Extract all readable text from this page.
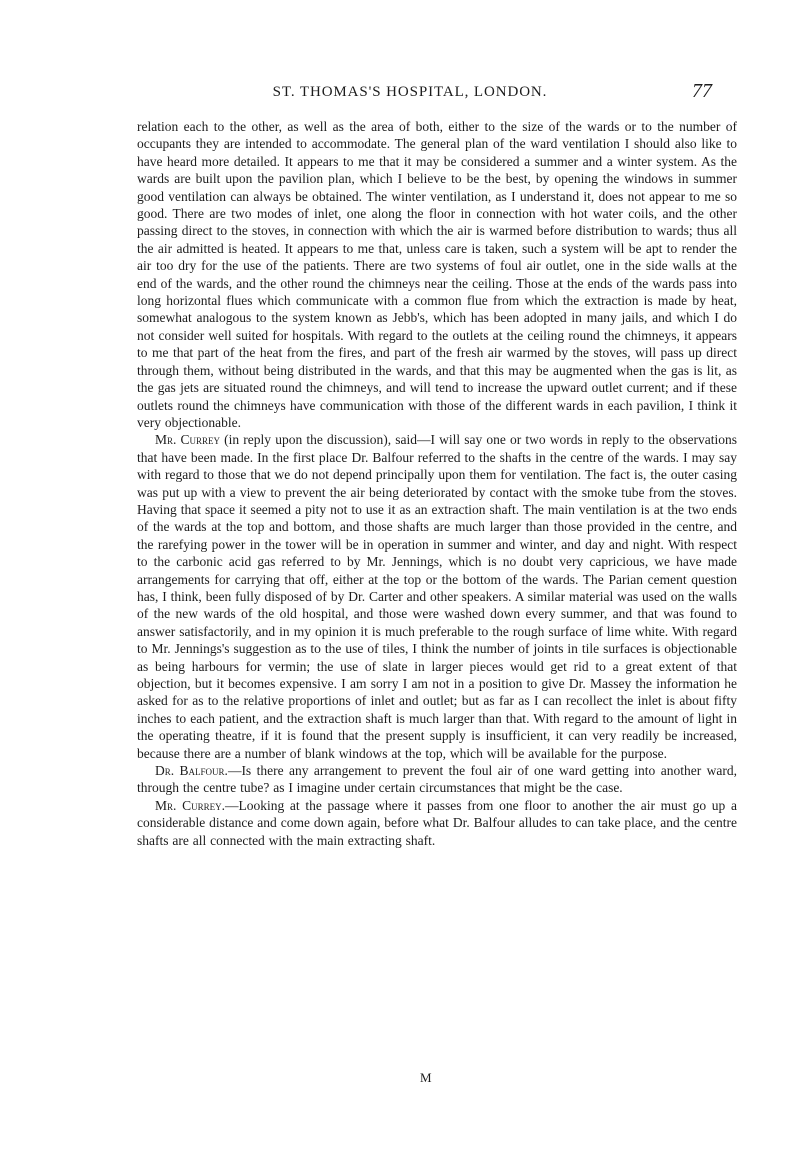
ST. THOMAS'S HOSPITAL, LONDON.	77

relation each to the other, as well as the area of both, either to the size of the wards or to the number of occupants they are intended to accommodate. The general plan of the ward ventilation I should also like to have heard more detailed. It appears to me that it may be considered a summer and a winter system. As the wards are built upon the pavilion plan, which I believe to be the best, by opening the windows in summer good ventilation can always be obtained. The winter ventilation, as I understand it, does not appear to me so good. There are two modes of inlet, one along the floor in connection with hot water coils, and the other passing direct to the stoves, in connection with which the air is warmed before distribution to wards; thus all the air admitted is heated. It appears to me that, unless care is taken, such a system will be apt to render the air too dry for the use of the patients. There are two systems of foul air outlet, one in the side walls at the end of the wards, and the other round the chimneys near the ceiling. Those at the ends of the wards pass into long horizontal flues which communicate with a common flue from which the extraction is made by heat, somewhat analogous to the system known as Jebb's, which has been adopted in many jails, and which I do not consider well suited for hospitals. With regard to the outlets at the ceiling round the chimneys, it appears to me that part of the heat from the fires, and part of the fresh air warmed by the stoves, will pass up direct through them, without being distributed in the wards, and that this may be augmented when the gas is lit, as the gas jets are situated round the chimneys, and will tend to increase the upward outlet current; and if these outlets round the chimneys have communication with those of the different wards in each pavilion, I think it very objectionable.

Mr. Currey (in reply upon the discussion), said—I will say one or two words in reply to the observations that have been made. In the first place Dr. Balfour referred to the shafts in the centre of the wards. I may say with regard to those that we do not depend principally upon them for ventilation. The fact is, the outer casing was put up with a view to prevent the air being deteriorated by contact with the smoke tube from the stoves. Having that space it seemed a pity not to use it as an extraction shaft. The main ventilation is at the two ends of the wards at the top and bottom, and those shafts are much larger than those provided in the centre, and the rarefying power in the tower will be in operation in summer and winter, and day and night. With respect to the carbonic acid gas referred to by Mr. Jennings, which is no doubt very capricious, we have made arrangements for carrying that off, either at the top or the bottom of the wards. The Parian cement question has, I think, been fully disposed of by Dr. Carter and other speakers. A similar material was used on the walls of the new wards of the old hospital, and those were washed down every summer, and that was found to answer satisfactorily, and in my opinion it is much preferable to the rough surface of lime white. With regard to Mr. Jennings's suggestion as to the use of tiles, I think the number of joints in tile surfaces is objectionable as being harbours for vermin; the use of slate in larger pieces would get rid to a great extent of that objection, but it becomes expensive. I am sorry I am not in a position to give Dr. Massey the information he asked for as to the relative proportions of inlet and outlet; but as far as I can recollect the inlet is about fifty inches to each patient, and the extraction shaft is much larger than that. With regard to the amount of light in the operating theatre, if it is found that the present supply is insufficient, it can very readily be increased, because there are a number of blank windows at the top, which will be available for the purpose.

Dr. Balfour.—Is there any arrangement to prevent the foul air of one ward getting into another ward, through the centre tube? as I imagine under certain circumstances that might be the case.

Mr. Currey.—Looking at the passage where it passes from one floor to another the air must go up a considerable distance and come down again, before what Dr. Balfour alludes to can take place, and the centre shafts are all connected with the main extracting shaft.

M
